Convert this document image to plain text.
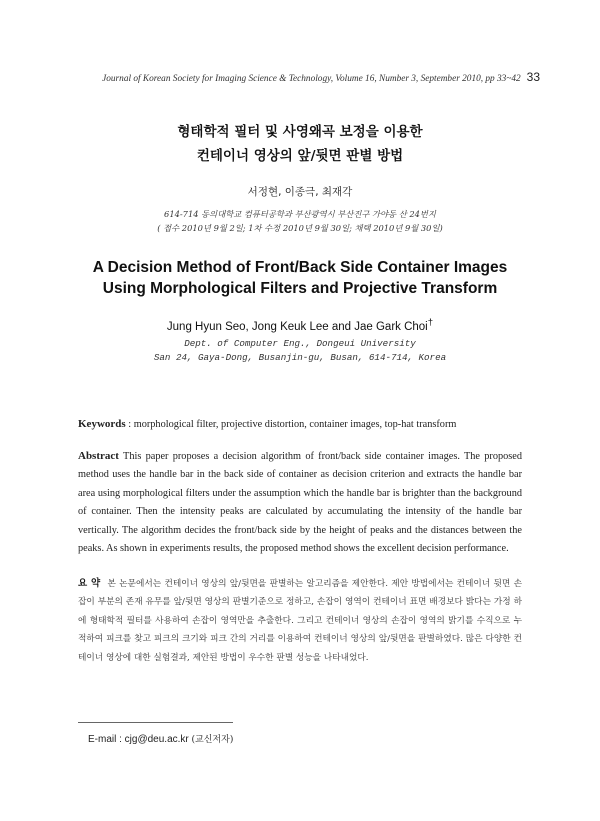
Journal of Korean Society for Imaging Science & Technology, Volume 16, Number 3, September 2010, pp 33~42 33
형태학적 필터 및 사영왜곡 보정을 이용한
컨테이너 영상의 앞/뒷면 판별 방법
서정현, 이종극, 최재각
614-714 동의대학교 컴퓨터공학과 부산광역시 부산진구 가야동 산 24번지
( 접수 2010년 9월 2일; 1차 수정 2010년 9월 30일; 채택 2010년 9월 30일)
A Decision Method of Front/Back Side Container Images
Using Morphological Filters and Projective Transform
Jung Hyun Seo, Jong Keuk Lee and Jae Gark Choi†
Dept. of Computer Eng., Dongeui University
San 24, Gaya-Dong, Busanjin-gu, Busan, 614-714, Korea
Keywords : morphological filter, projective distortion, container images, top-hat transform
Abstract This paper proposes a decision algorithm of front/back side container images. The proposed method uses the handle bar in the back side of container as decision criterion and extracts the handle bar area using morphological filters under the assumption which the handle bar is brighter than the background of container. Then the intensity peaks are calculated by accumulating the intensity of the handle bar vertically. The algorithm decides the front/back side by the height of peaks and the distances between the peaks. As shown in experiments results, the proposed method shows the excellent decision performance.
요 약 본 논문에서는 컨테이너 영상의 앞/뒷면을 판별하는 알고리즘을 제안한다. 제안 방법에서는 컨테이너 뒷면 손잡이 부분의 존재 유무를 앞/뒷면 영상의 판별기준으로 정하고, 손잡이 영역이 컨테이너 표면 배경보다 밝다는 가정 하에 형태학적 필터를 사용하여 손잡이 영역만을 추출한다. 그리고 컨테이너 영상의 손잡이 영역의 밝기를 수직으로 누적하여 피크를 찾고 피크의 크기와 피크 간의 거리를 이용하여 컨테이너 영상의 앞/뒷면을 판별하였다. 많은 다양한 컨테이너 영상에 대한 실험결과, 제안된 방법이 우수한 판별 성능을 나타내었다.
E-mail : cjg@deu.ac.kr (교신저자)
